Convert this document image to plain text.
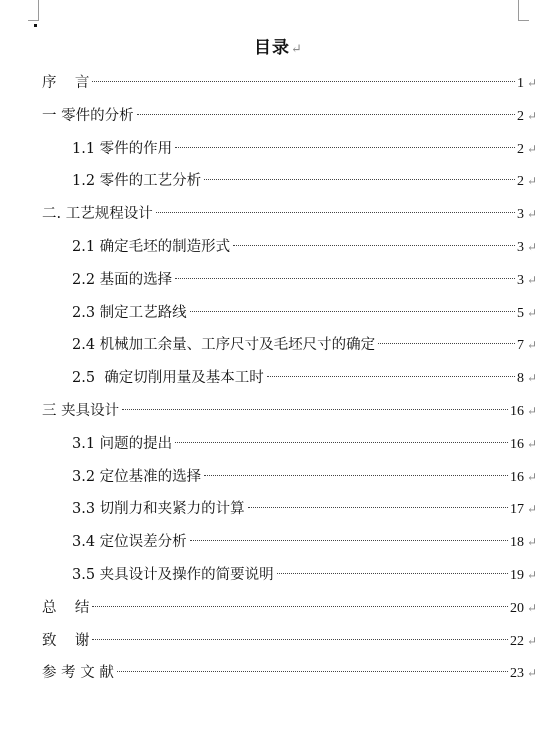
目录↵
序    言	1 ↵
一 零件的分析	2 ↵
1.1 零件的作用	2 ↵
1.2 零件的工艺分析	2 ↵
二. 工艺规程设计	3 ↵
2.1 确定毛坯的制造形式	3 ↵
2.2 基面的选择	3 ↵
2.3 制定工艺路线	5 ↵
2.4 机械加工余量、工序尺寸及毛坯尺寸的确定	7 ↵
2.5  确定切削用量及基本工时	8 ↵
三 夹具设计	16 ↵
3.1 问题的提出	16 ↵
3.2 定位基准的选择	16 ↵
3.3 切削力和夹紧力的计算	17 ↵
3.4 定位误差分析	18 ↵
3.5 夹具设计及操作的简要说明	19 ↵
总    结	20 ↵
致    谢	22 ↵
参 考 文 献	23 ↵
